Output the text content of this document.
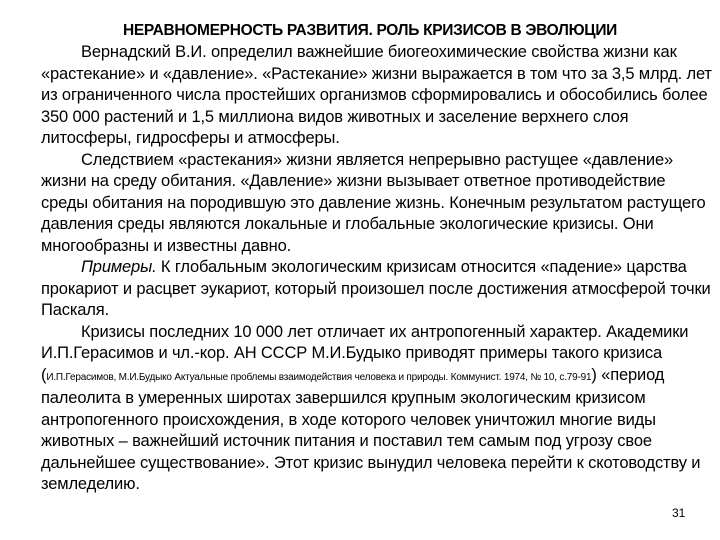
НЕРАВНОМЕРНОСТЬ РАЗВИТИЯ. РОЛЬ КРИЗИСОВ В ЭВОЛЮЦИИ

Вернадский В.И. определил важнейшие биогеохимические свойства жизни как «растекание» и «давление». «Растекание» жизни выражается в том что за 3,5 млрд. лет из ограниченного числа простейших организмов сформировались и обособились более 350 000 растений и 1,5 миллиона видов животных и заселение верхнего слоя литосферы, гидросферы и атмосферы.

Следствием «растекания» жизни является непрерывно растущее «давление» жизни на среду обитания. «Давление» жизни вызывает ответное противодействие среды обитания на породившую это давление жизнь. Конечным результатом растущего давления среды являются локальные и глобальные экологические кризисы. Они многообразны и известны давно.

Примеры. К глобальным экологическим кризисам относится «падение» царства прокариот и расцвет эукариот, который произошел после достижения атмосферой точки Паскаля.

Кризисы последних 10 000 лет отличает их антропогенный характер. Академики И.П.Герасимов и чл.-кор. АН СССР М.И.Будыко приводят примеры такого кризиса (И.П.Герасимов, М.И.Будыко Актуальные проблемы взаимодействия человека и природы. Коммунист. 1974, № 10, с.79-91) «период палеолита в умеренных широтах завершился крупным экологическим кризисом антропогенного происхождения, в ходе которого человек уничтожил многие виды животных – важнейший источник питания и поставил тем самым под угрозу свое дальнейшее существование». Этот кризис вынудил человека перейти к скотоводству и земледелию.

31
